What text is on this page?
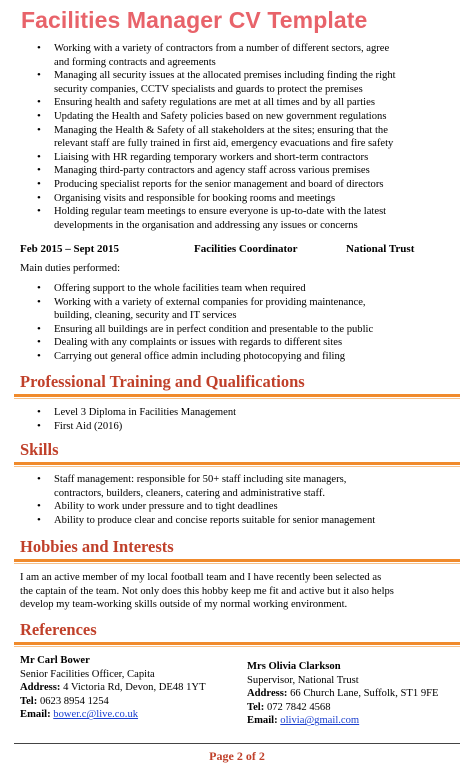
Facilities Manager CV Template
• Working with a variety of contractors from a number of different sectors, agree
and forming contracts and agreements
• Managing all security issues at the allocated premises including finding the right
security companies, CCTV specialists and guards to protect the premises
• Ensuring health and safety regulations are met at all times and by all parties
• Updating the Health and Safety policies based on new government regulations
• Managing the Health & Safety of all stakeholders at the sites; ensuring that the
relevant staff are fully trained in first aid, emergency evacuations and fire safety
• Liaising with HR regarding temporary workers and short-term contractors
• Managing third-party contractors and agency staff across various premises
• Producing specialist reports for the senior management and board of directors
• Organising visits and responsible for booking rooms and meetings
• Holding regular team meetings to ensure everyone is up-to-date with the latest
developments in the organisation and addressing any issues or concerns
Feb 2015 – Sept 2015	Facilities Coordinator	National Trust
Main duties performed:
• Offering support to the whole facilities team when required
• Working with a variety of external companies for providing maintenance,
building, cleaning, security and IT services
• Ensuring all buildings are in perfect condition and presentable to the public
• Dealing with any complaints or issues with regards to different sites
• Carrying out general office admin including photocopying and filing
Professional Training and Qualifications
• Level 3 Diploma in Facilities Management
• First Aid (2016)
Skills
• Staff management: responsible for 50+ staff including site managers,
contractors, builders, cleaners, catering and administrative staff.
• Ability to work under pressure and to tight deadlines
• Ability to produce clear and concise reports suitable for senior management
Hobbies and Interests
I am an active member of my local football team and I have recently been selected as
the captain of the team. Not only does this hobby keep me fit and active but it also helps
develop my team-working skills outside of my normal working environment.
References
Mr Carl Bower
Senior Facilities Officer, Capita
Address: 4 Victoria Rd, Devon, DE48 1YT
Tel: 0623 8954 1254
Email: bower.c@live.co.uk
Mrs Olivia Clarkson
Supervisor, National Trust
Address: 66 Church Lane, Suffolk, ST1 9FE
Tel: 072 7842 4568
Email: olivia@gmail.com
Page 2 of 2
